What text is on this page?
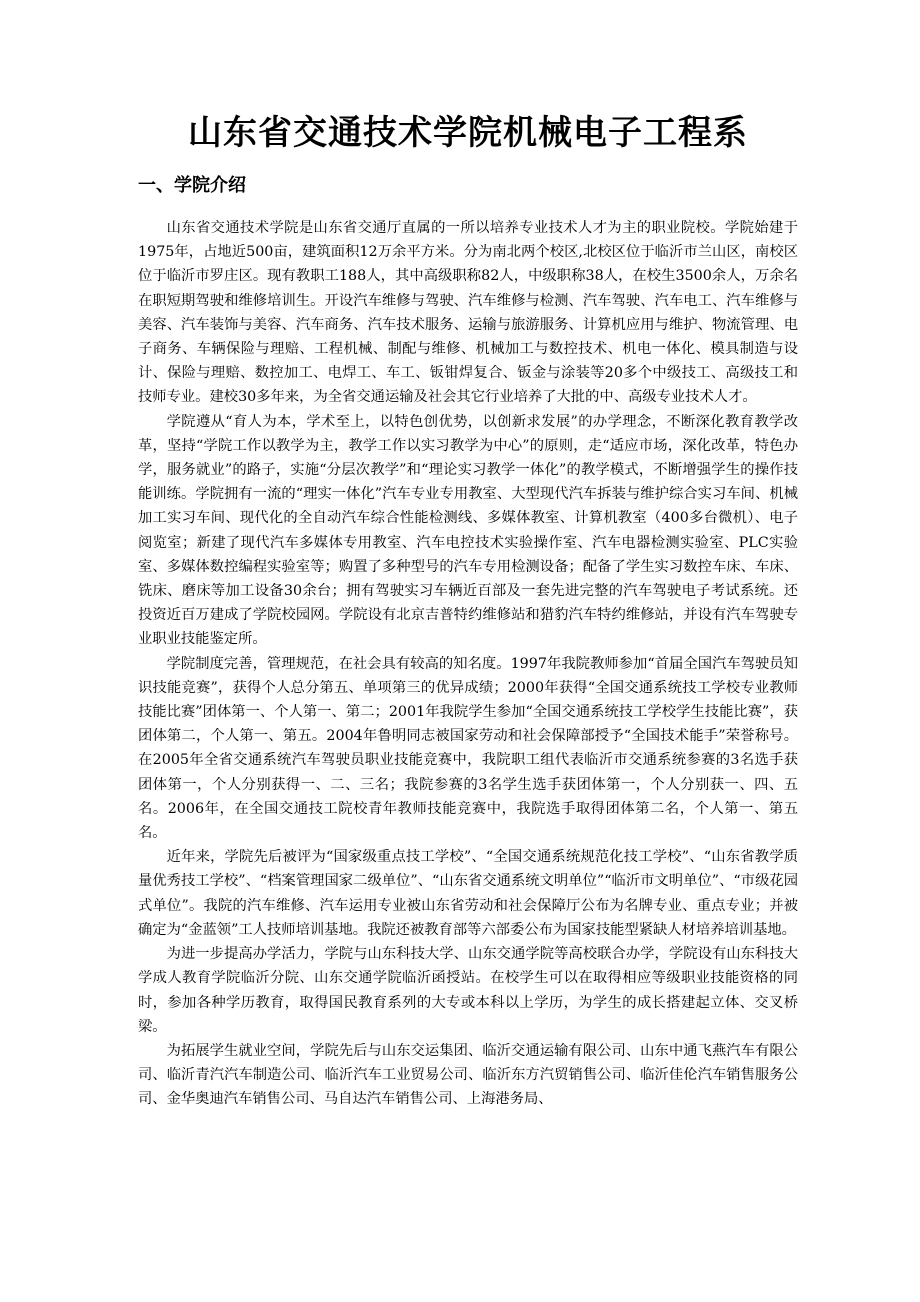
山东省交通技术学院机械电子工程系
一、学院介绍

山东省交通技术学院是山东省交通厅直属的一所以培养专业技术人才为主的职业院校。学院始建于1975年，占地近500亩，建筑面积12万余平方米。分为南北两个校区,北校区位于临沂市兰山区，南校区位于临沂市罗庄区。现有教职工188人，其中高级职称82人，中级职称38人，在校生3500余人，万余名在职短期驾驶和维修培训生。开设汽车维修与驾驶、汽车维修与检测、汽车驾驶、汽车电工、汽车维修与美容、汽车装饰与美容、汽车商务、汽车技术服务、运输与旅游服务、计算机应用与维护、物流管理、电子商务、车辆保险与理赔、工程机械、制配与维修、机械加工与数控技术、机电一体化、模具制造与设计、保险与理赔、数控加工、电焊工、车工、钣钳焊复合、钣金与涂装等20多个中级技工、高级技工和技师专业。建校30多年来，为全省交通运输及社会其它行业培养了大批的中、高级专业技术人才。

学院遵从“育人为本，学术至上，以特色创优势，以创新求发展”的办学理念，不断深化教育教学改革，坚持“学院工作以教学为主，教学工作以实习教学为中心”的原则，走“适应市场，深化改革，特色办学，服务就业”的路子，实施“分层次教学”和“理论实习教学一体化”的教学模式，不断增强学生的操作技能训练。学院拥有一流的“理实一体化”汽车专业专用教室、大型现代汽车拆装与维护综合实习车间、机械加工实习车间、现代化的全自动汽车综合性能检测线、多媒体教室、计算机教室（400多台微机）、电子阅览室；新建了现代汽车多媒体专用教室、汽车电控技术实验操作室、汽车电器检测实验室、PLC实验室、多媒体数控编程实验室等；购置了多种型号的汽车专用检测设备；配备了学生实习数控车床、车床、铣床、磨床等加工设备30余台；拥有驾驶实习车辆近百部及一套先进完整的汽车驾驶电子考试系统。还投资近百万建成了学院校园网。学院设有北京吉普特约维修站和猎豹汽车特约维修站，并设有汽车驾驶专业职业技能鉴定所。

学院制度完善，管理规范，在社会具有较高的知名度。1997年我院教师参加“首届全国汽车驾驶员知识技能竞赛”，获得个人总分第五、单项第三的优异成绩；2000年获得“全国交通系统技工学校专业教师技能比赛”团体第一、个人第一、第二；2001年我院学生参加“全国交通系统技工学校学生技能比赛”，获团体第二，个人第一、第五。2004年鲁明同志被国家劳动和社会保障部授予“全国技术能手”荣誉称号。在2005年全省交通系统汽车驾驶员职业技能竞赛中，我院职工组代表临沂市交通系统参赛的3名选手获团体第一，个人分别获得一、二、三名；我院参赛的3名学生选手获团体第一，个人分别获一、四、五名。2006年，在全国交通技工院校青年教师技能竞赛中，我院选手取得团体第二名，个人第一、第五名。

近年来，学院先后被评为“国家级重点技工学校”、“全国交通系统规范化技工学校”、“山东省教学质量优秀技工学校”、“档案管理国家二级单位”、“山东省交通系统文明单位”“临沂市文明单位”、“市级花园式单位”。我院的汽车维修、汽车运用专业被山东省劳动和社会保障厅公布为名牌专业、重点专业；并被确定为“金蓝领”工人技师培训基地。我院还被教育部等六部委公布为国家技能型紧缺人材培养培训基地。

为进一步提高办学活力，学院与山东科技大学、山东交通学院等高校联合办学，学院设有山东科技大学成人教育学院临沂分院、山东交通学院临沂函授站。在校学生可以在取得相应等级职业技能资格的同时，参加各种学历教育，取得国民教育系列的大专或本科以上学历，为学生的成长搭建起立体、交叉桥梁。

为拓展学生就业空间，学院先后与山东交运集团、临沂交通运输有限公司、山东中通飞燕汽车有限公司、临沂青汽汽车制造公司、临沂汽车工业贸易公司、临沂东方汽贸销售公司、临沂佳伦汽车销售服务公司、金华奥迪汽车销售公司、马自达汽车销售公司、上海港务局、
